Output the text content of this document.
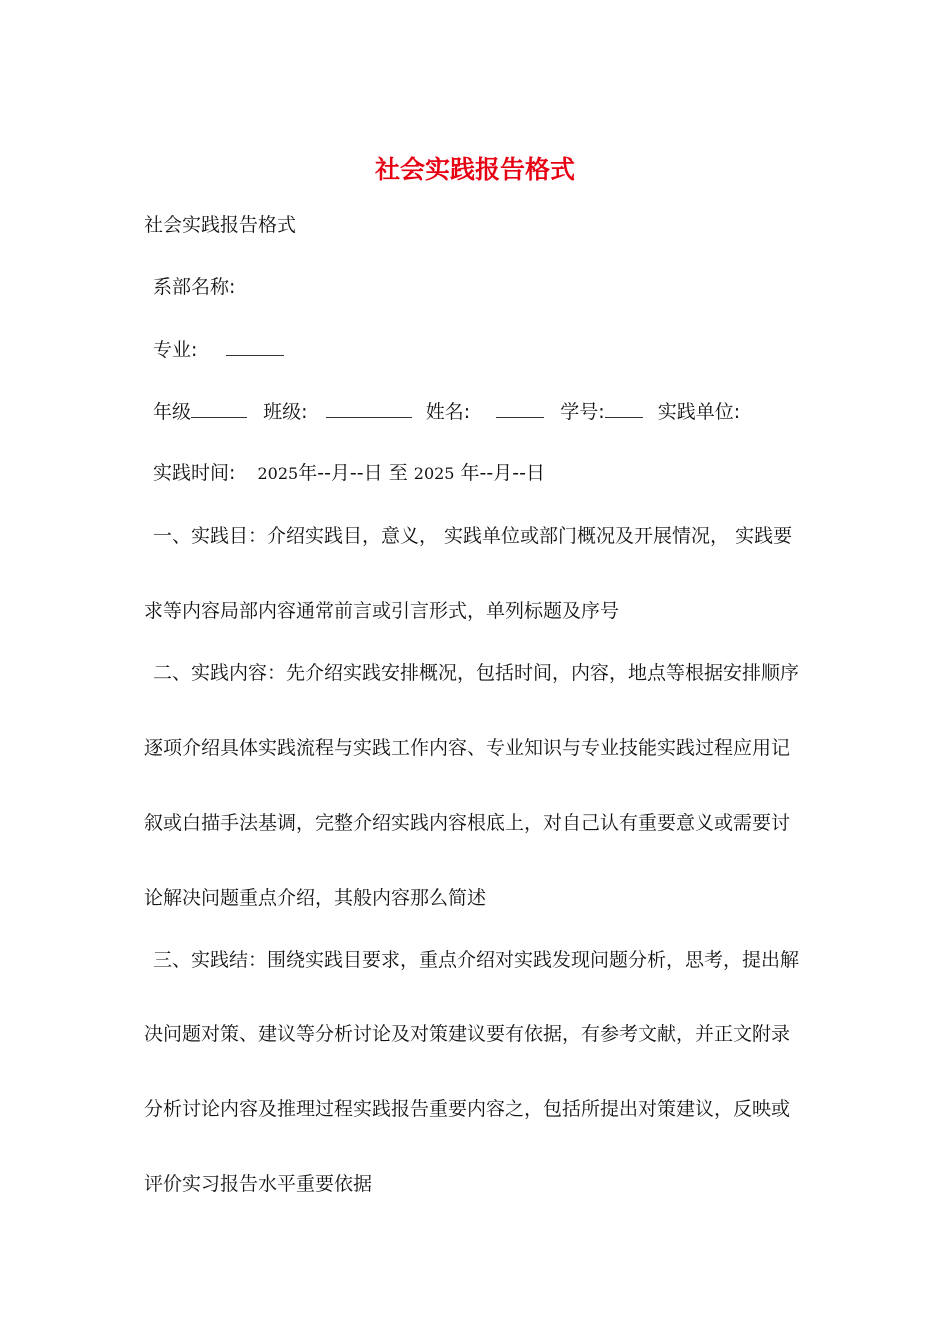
社会实践报告格式
社会实践报告格式
系部名称:
专业:
年级	班级:	姓名:	学号:	实践单位:
实践时间: 2025年--月--日 至 2025 年--月--日
一、实践目：介绍实践目，意义， 实践单位或部门概况及开展情况， 实践要
求等内容局部内容通常前言或引言形式，单列标题及序号
二、实践内容：先介绍实践安排概况，包括时间，内容，地点等根据安排顺序
逐项介绍具体实践流程与实践工作内容、专业知识与专业技能实践过程应用记
叙或白描手法基调，完整介绍实践内容根底上，对自己认有重要意义或需要讨
论解决问题重点介绍，其般内容那么简述
三、实践结：围绕实践目要求，重点介绍对实践发现问题分析，思考，提出解
决问题对策、建议等分析讨论及对策建议要有依据，有参考文献，并正文附录
分析讨论内容及推理过程实践报告重要内容之，包括所提出对策建议，反映或
评价实习报告水平重要依据
